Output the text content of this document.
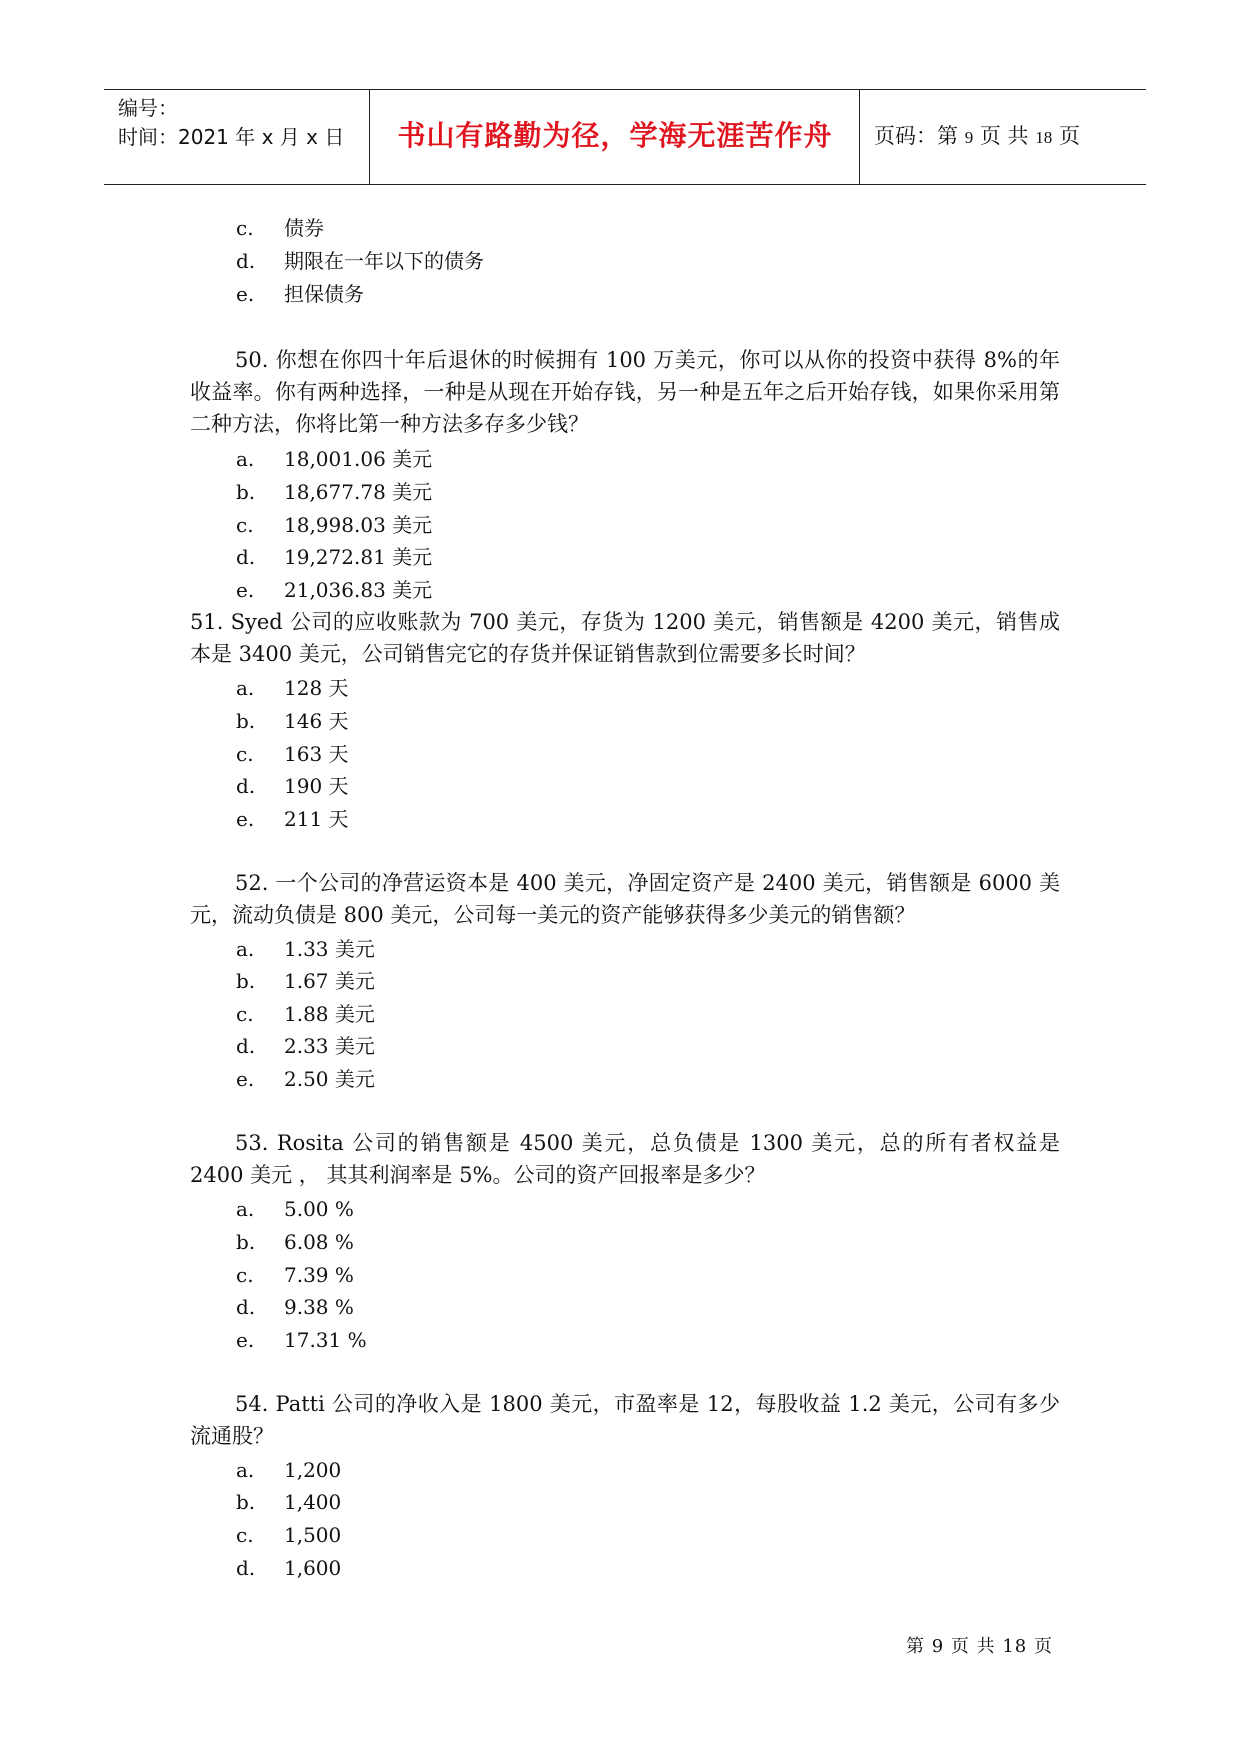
编号：
时间：2021 年 x 月 x 日	书山有路勤为径，学海无涯苦作舟	页码：第 9 页 共 18 页
c. 债券
d. 期限在一年以下的债务
e. 担保债务
50. 你想在你四十年后退休的时候拥有 100 万美元，你可以从你的投资中获得 8%的年收益率。你有两种选择，一种是从现在开始存钱，另一种是五年之后开始存钱，如果你采用第二种方法，你将比第一种方法多存多少钱？
a. 18,001.06 美元
b. 18,677.78 美元
c. 18,998.03 美元
d. 19,272.81 美元
e. 21,036.83 美元
51. Syed 公司的应收账款为 700 美元，存货为 1200 美元，销售额是 4200 美元，销售成本是 3400 美元，公司销售完它的存货并保证销售款到位需要多长时间？
a. 128 天
b. 146 天
c. 163 天
d. 190 天
e. 211 天
52. 一个公司的净营运资本是 400 美元，净固定资产是 2400 美元，销售额是 6000 美元，流动负债是 800 美元，公司每一美元的资产能够获得多少美元的销售额？
a. 1.33 美元
b. 1.67 美元
c. 1.88 美元
d. 2.33 美元
e. 2.50 美元
53. Rosita 公司的销售额是 4500 美元，总负债是 1300 美元，总的所有者权益是 2400 美元 ， 其其利润率是 5%。公司的资产回报率是多少？
a. 5.00 %
b. 6.08 %
c. 7.39 %
d. 9.38 %
e. 17.31 %
54. Patti 公司的净收入是 1800 美元，市盈率是 12，每股收益 1.2 美元，公司有多少流通股？
a. 1,200
b. 1,400
c. 1,500
d. 1,600
第 9 页 共 18 页
